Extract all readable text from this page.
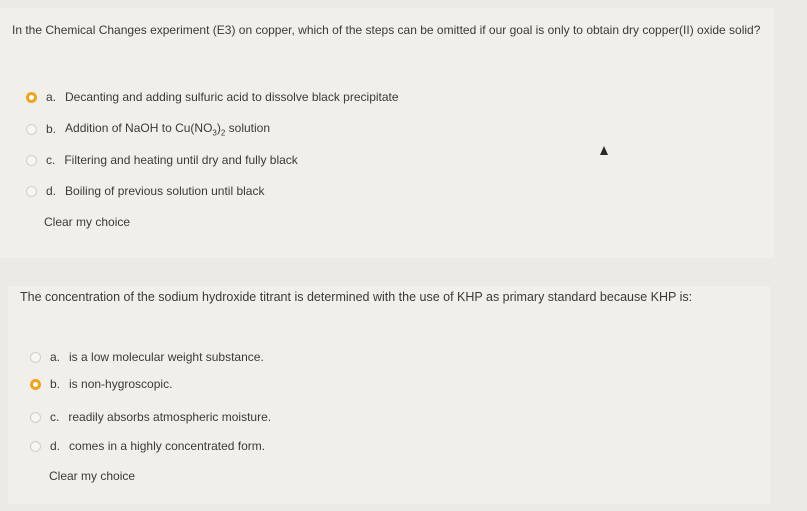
In the Chemical Changes experiment (E3) on copper, which of the steps can be omitted if our goal is only to obtain dry copper(II) oxide solid?
a. Decanting and adding sulfuric acid to dissolve black precipitate
b. Addition of NaOH to $Cu(NO_3)_2$ solution
c. Filtering and heating until dry and fully black
d. Boiling of previous solution until black
Clear my choice
The concentration of the sodium hydroxide titrant is determined with the use of KHP as primary standard because KHP is:
a. is a low molecular weight substance.
b. is non-hygroscopic.
c. readily absorbs atmospheric moisture.
d. comes in a highly concentrated form.
Clear my choice
